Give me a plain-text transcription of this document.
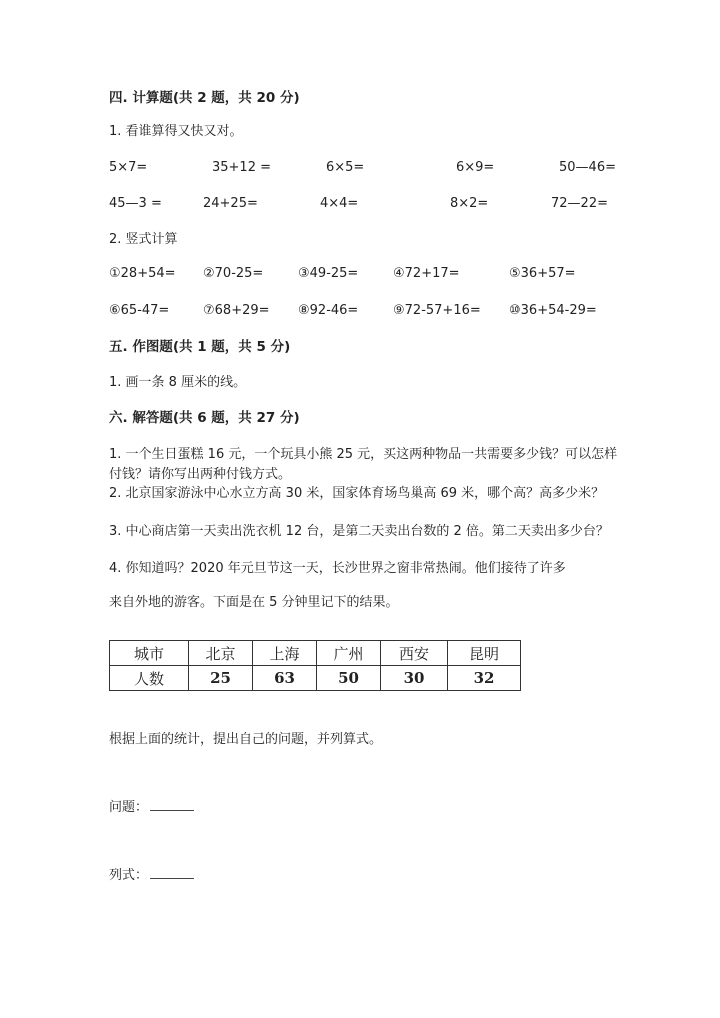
四. 计算题(共 2 题，共 20 分)
1. 看谁算得又快又对。
5×7=	35+12 =	6×5=	6×9=	50—46=
45—3 =	24+25=	4×4=	8×2=	72—22=
2. 竖式计算
①28+54= ②70-25=	③49-25=	④72+17=	⑤36+57=
⑥65-47=	⑦68+29= ⑧92-46=	⑨72-57+16= ⑩36+54-29=
五. 作图题(共 1 题，共 5 分)
1. 画一条 8 厘米的线。
六. 解答题(共 6 题，共 27 分)
1. 一个生日蛋糕 16 元，一个玩具小熊 25 元，买这两种物品一共需要多少钱？可以怎样付钱？请你写出两种付钱方式。
2. 北京国家游泳中心水立方高 30 米，国家体育场鸟巢高 69 米，哪个高？高多少米？
3. 中心商店第一天卖出洗衣机 12 台，是第二天卖出台数的 2 倍。第二天卖出多少台？
4. 你知道吗？2020 年元旦节这一天，长沙世界之窗非常热闹。他们接待了许多
来自外地的游客。下面是在 5 分钟里记下的结果。
城市	北京	上海	广州	西安	昆明
人数	25	63	50	30	32
根据上面的统计，提出自己的问题，并列算式。
问题：
列式：
